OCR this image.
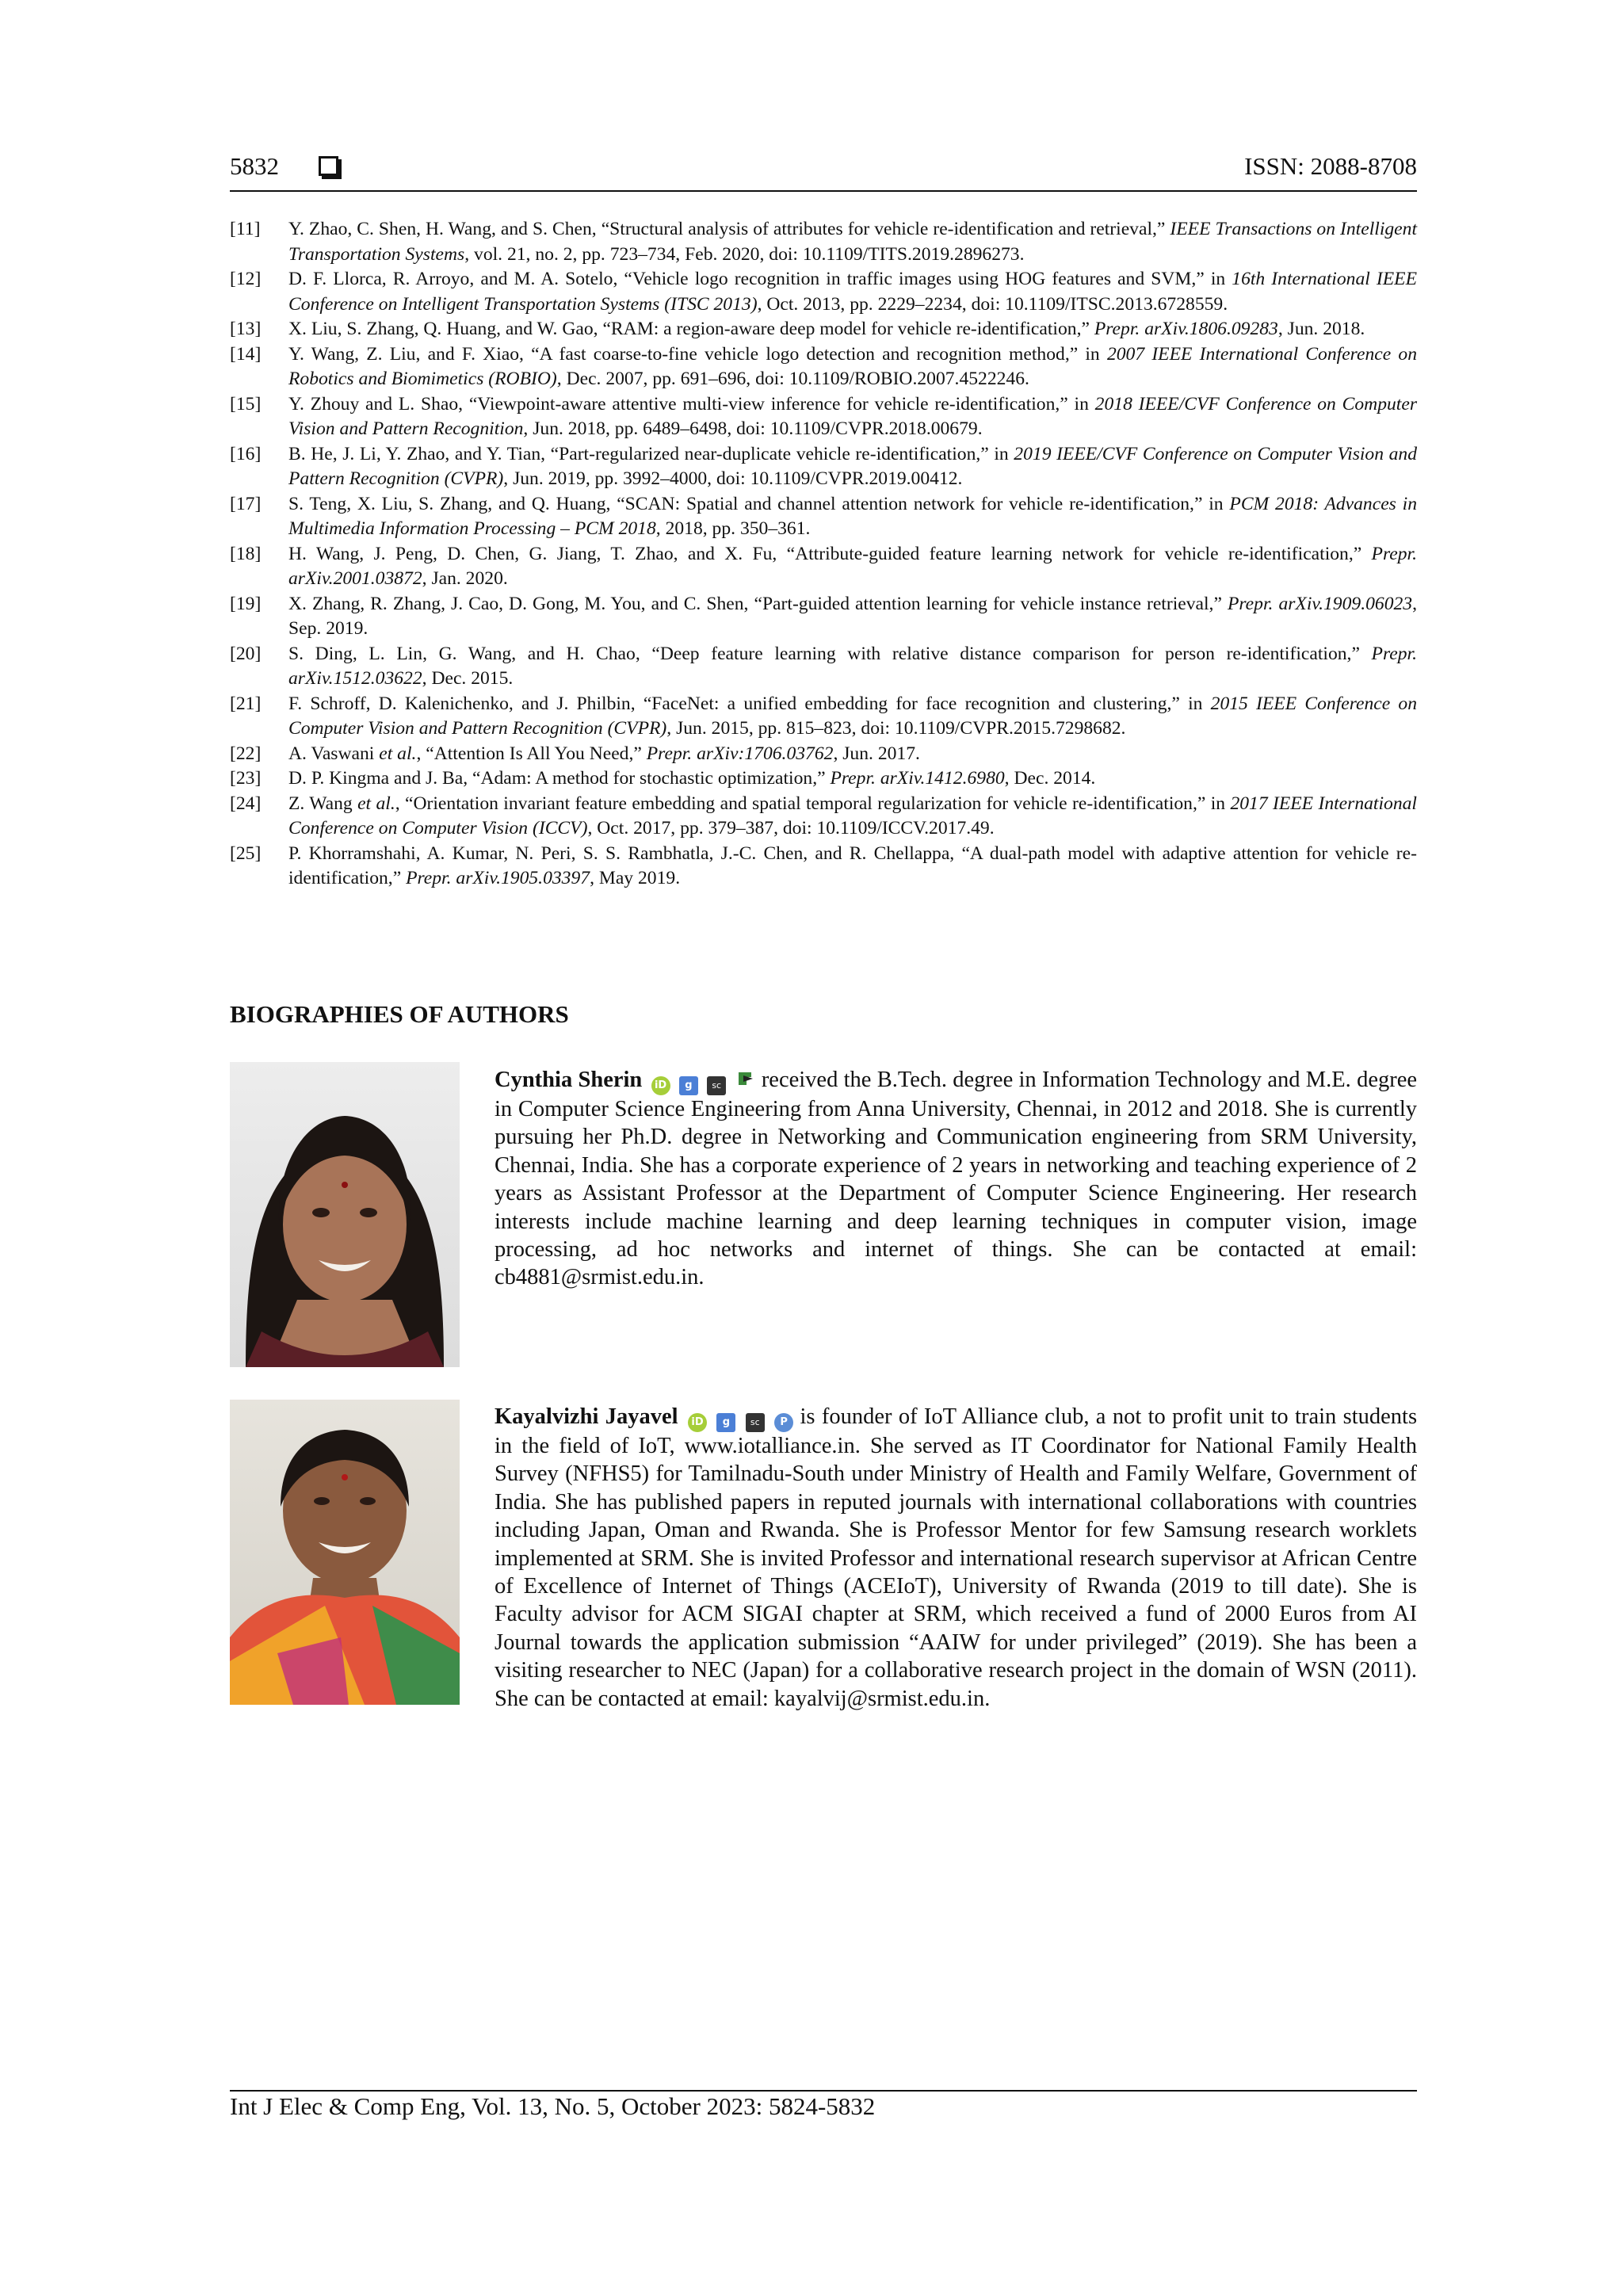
5832	ISSN: 2088-8708
[11]	Y. Zhao, C. Shen, H. Wang, and S. Chen, “Structural analysis of attributes for vehicle re-identification and retrieval,” IEEE Transactions on Intelligent Transportation Systems, vol. 21, no. 2, pp. 723–734, Feb. 2020, doi: 10.1109/TITS.2019.2896273.
[12]	D. F. Llorca, R. Arroyo, and M. A. Sotelo, “Vehicle logo recognition in traffic images using HOG features and SVM,” in 16th International IEEE Conference on Intelligent Transportation Systems (ITSC 2013), Oct. 2013, pp. 2229–2234, doi: 10.1109/ITSC.2013.6728559.
[13]	X. Liu, S. Zhang, Q. Huang, and W. Gao, “RAM: a region-aware deep model for vehicle re-identification,” Prepr. arXiv.1806.09283, Jun. 2018.
[14]	Y. Wang, Z. Liu, and F. Xiao, “A fast coarse-to-fine vehicle logo detection and recognition method,” in 2007 IEEE International Conference on Robotics and Biomimetics (ROBIO), Dec. 2007, pp. 691–696, doi: 10.1109/ROBIO.2007.4522246.
[15]	Y. Zhouy and L. Shao, “Viewpoint-aware attentive multi-view inference for vehicle re-identification,” in 2018 IEEE/CVF Conference on Computer Vision and Pattern Recognition, Jun. 2018, pp. 6489–6498, doi: 10.1109/CVPR.2018.00679.
[16]	B. He, J. Li, Y. Zhao, and Y. Tian, “Part-regularized near-duplicate vehicle re-identification,” in 2019 IEEE/CVF Conference on Computer Vision and Pattern Recognition (CVPR), Jun. 2019, pp. 3992–4000, doi: 10.1109/CVPR.2019.00412.
[17]	S. Teng, X. Liu, S. Zhang, and Q. Huang, “SCAN: Spatial and channel attention network for vehicle re-identification,” in PCM 2018: Advances in Multimedia Information Processing – PCM 2018, 2018, pp. 350–361.
[18]	H. Wang, J. Peng, D. Chen, G. Jiang, T. Zhao, and X. Fu, “Attribute-guided feature learning network for vehicle re-identification,” Prepr. arXiv.2001.03872, Jan. 2020.
[19]	X. Zhang, R. Zhang, J. Cao, D. Gong, M. You, and C. Shen, “Part-guided attention learning for vehicle instance retrieval,” Prepr. arXiv.1909.06023, Sep. 2019.
[20]	S. Ding, L. Lin, G. Wang, and H. Chao, “Deep feature learning with relative distance comparison for person re-identification,” Prepr. arXiv.1512.03622, Dec. 2015.
[21]	F. Schroff, D. Kalenichenko, and J. Philbin, “FaceNet: a unified embedding for face recognition and clustering,” in 2015 IEEE Conference on Computer Vision and Pattern Recognition (CVPR), Jun. 2015, pp. 815–823, doi: 10.1109/CVPR.2015.7298682.
[22]	A. Vaswani et al., “Attention Is All You Need,” Prepr. arXiv:1706.03762, Jun. 2017.
[23]	D. P. Kingma and J. Ba, “Adam: A method for stochastic optimization,” Prepr. arXiv.1412.6980, Dec. 2014.
[24]	Z. Wang et al., “Orientation invariant feature embedding and spatial temporal regularization for vehicle re-identification,” in 2017 IEEE International Conference on Computer Vision (ICCV), Oct. 2017, pp. 379–387, doi: 10.1109/ICCV.2017.49.
[25]	P. Khorramshahi, A. Kumar, N. Peri, S. S. Rambhatla, J.-C. Chen, and R. Chellappa, “A dual-path model with adaptive attention for vehicle re-identification,” Prepr. arXiv.1905.03397, May 2019.
BIOGRAPHIES OF AUTHORS
Cynthia Sherin iD g sc  received the B.Tech. degree in Information Technology and M.E. degree in Computer Science Engineering from Anna University, Chennai, in 2012 and 2018. She is currently pursuing her Ph.D. degree in Networking and Communication engineering from SRM University, Chennai, India. She has a corporate experience of 2 years in networking and teaching experience of 2 years as Assistant Professor at the Department of Computer Science Engineering. Her research interests include machine learning and deep learning techniques in computer vision, image processing, ad hoc networks and internet of things. She can be contacted at email: cb4881@srmist.edu.in.
Kayalvizhi Jayavel iD g sc P is founder of IoT Alliance club, a not to profit unit to train students in the field of IoT, www.iotalliance.in. She served as IT Coordinator for National Family Health Survey (NFHS5) for Tamilnadu-South under Ministry of Health and Family Welfare, Government of India. She has published papers in reputed journals with international collaborations with countries including Japan, Oman and Rwanda. She is Professor Mentor for few Samsung research worklets implemented at SRM. She is invited Professor and international research supervisor at African Centre of Excellence of Internet of Things (ACEIoT), University of Rwanda (2019 to till date). She is Faculty advisor for ACM SIGAI chapter at SRM, which received a fund of 2000 Euros from AI Journal towards the application submission “AAIW for under privileged” (2019). She has been a visiting researcher to NEC (Japan) for a collaborative research project in the domain of WSN (2011). She can be contacted at email: kayalvij@srmist.edu.in.
Int J Elec & Comp Eng, Vol. 13, No. 5, October 2023: 5824-5832
